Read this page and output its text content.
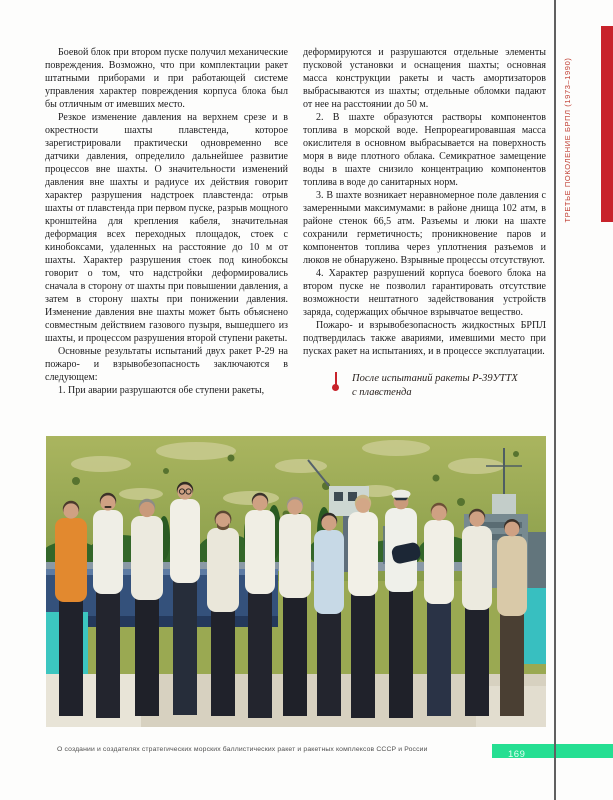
Боевой блок при втором пуске получил механические повреждения. Возможно, что при комплектации ракет штатными приборами и при работающей системе управления характер повреждения корпуса блока был бы отличным от имевших место.

Резкое изменение давления на верхнем срезе и в окрестности шахты плавстенда, которое зарегистрировали практически одновременно все датчики давления, определило дальнейшее развитие процессов вне шахты. О значительности изменений давления вне шахты и радиусе их действия говорит характер разрушения надстроек плавстенда: отрыв шахты от плавстенда при первом пуске, разрыв мощного кронштейна для крепления кабеля, значительная деформация всех переходных площадок, стоек с кинобоксами, удаленных на расстояние до 10 м от шахты. Характер разрушения стоек под кинобоксы говорит о том, что надстройки деформировались сначала в сторону от шахты при повышении давления, а затем в сторону шахты при понижении давления. Изменение давления вне шахты может быть объяснено совместным действием газового пузыря, вышедшего из шахты, и процессом разрушения второй ступени ракеты.

Основные результаты испытаний двух ракет Р-29 на пожаро- и взрывобезопасность заключаются в следующем:

1. При аварии разрушаются обе ступени ракеты,

деформируются и разрушаются отдельные элементы пусковой установки и оснащения шахты; основная масса конструкции ракеты и часть амортизаторов выбрасываются из шахты; отдельные обломки падают от нее на расстоянии до 50 м.

2. В шахте образуются растворы компонентов топлива в морской воде. Непрореагировавшая масса окислителя в основном выбрасывается на поверхность моря в виде плотного облака. Семикратное замещение воды в шахте снизило концентрацию компонентов топлива в воде до санитарных норм.

3. В шахте возникает неравномерное поле давления с замеренными максимумами: в районе днища 102 атм, в районе стенок 66,5 атм. Разъемы и люки на шахте сохранили герметичность; проникновение паров и компонентов топлива через уплотнения разъемов и люков не обнаружено. Взрывные процессы отсутствуют.

4. Характер разрушений корпуса боевого блока на втором пуске не позволил гарантировать отсутствие возможности нештатного задействования устройств заряда, содержащих обычное взрывчатое вещество.

Пожаро- и взрывобезопасность жидкостных БРПЛ подтвердилась также авариями, имевшими место при пусках ракет на испытаниях, и в процессе эксплуатации.

После испытаний ракеты Р-39УТТХ
с плавстенда
ТРЕТЬЕ ПОКОЛЕНИЕ БРПЛ (1973–1990)
О создании и создателях стратегических морских баллистических ракет и ракетных комплексов СССР и России	169
